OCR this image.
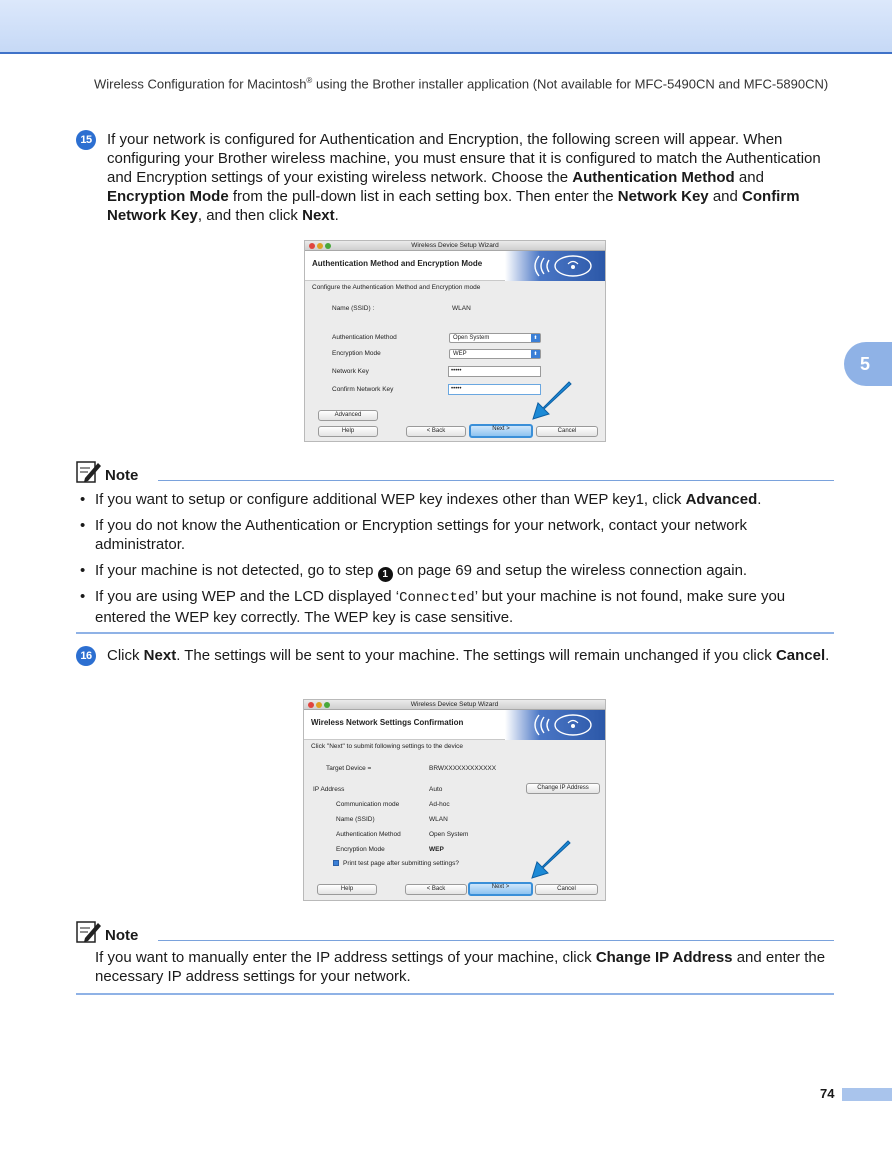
Wireless Configuration for Macintosh® using the Brother installer application (Not available for MFC-5490CN and MFC-5890CN)
5
15 If your network is configured for Authentication and Encryption, the following screen will appear. When configuring your Brother wireless machine, you must ensure that it is configured to match the Authentication and Encryption settings of your existing wireless network. Choose the Authentication Method and Encryption Mode from the pull-down list in each setting box. Then enter the Network Key and Confirm Network Key, and then click Next.
Wireless Device Setup Wizard
Authentication Method and Encryption Mode
Configure the Authentication Method and Encryption mode
Name (SSID) :	WLAN
Authentication Method	Open System	⬍
Encryption Mode	WEP	⬍
Network Key	•••••
Confirm Network Key	•••••
Advanced
Help	< Back	Next >	Cancel
Note
• If you want to setup or configure additional WEP key indexes other than WEP key1, click Advanced.
• If you do not know the Authentication or Encryption settings for your network, contact your network administrator.
• If your machine is not detected, go to step 1 on page 69 and setup the wireless connection again.
• If you are using WEP and the LCD displayed ‘Connected’ but your machine is not found, make sure you entered the WEP key correctly. The WEP key is case sensitive.
16 Click Next. The settings will be sent to your machine. The settings will remain unchanged if you click Cancel.
Wireless Device Setup Wizard
Wireless Network Settings Confirmation
Click "Next" to submit following settings to the device
Target Device =	BRWXXXXXXXXXXXX
IP Address	Auto	Change IP Address
Communication mode	Ad-hoc
Name (SSID)	WLAN
Authentication Method	Open System
Encryption Mode	WEP
Print test page after submitting settings?
Help	< Back	Next >	Cancel
Note
If you want to manually enter the IP address settings of your machine, click Change IP Address and enter the necessary IP address settings for your network.
74
